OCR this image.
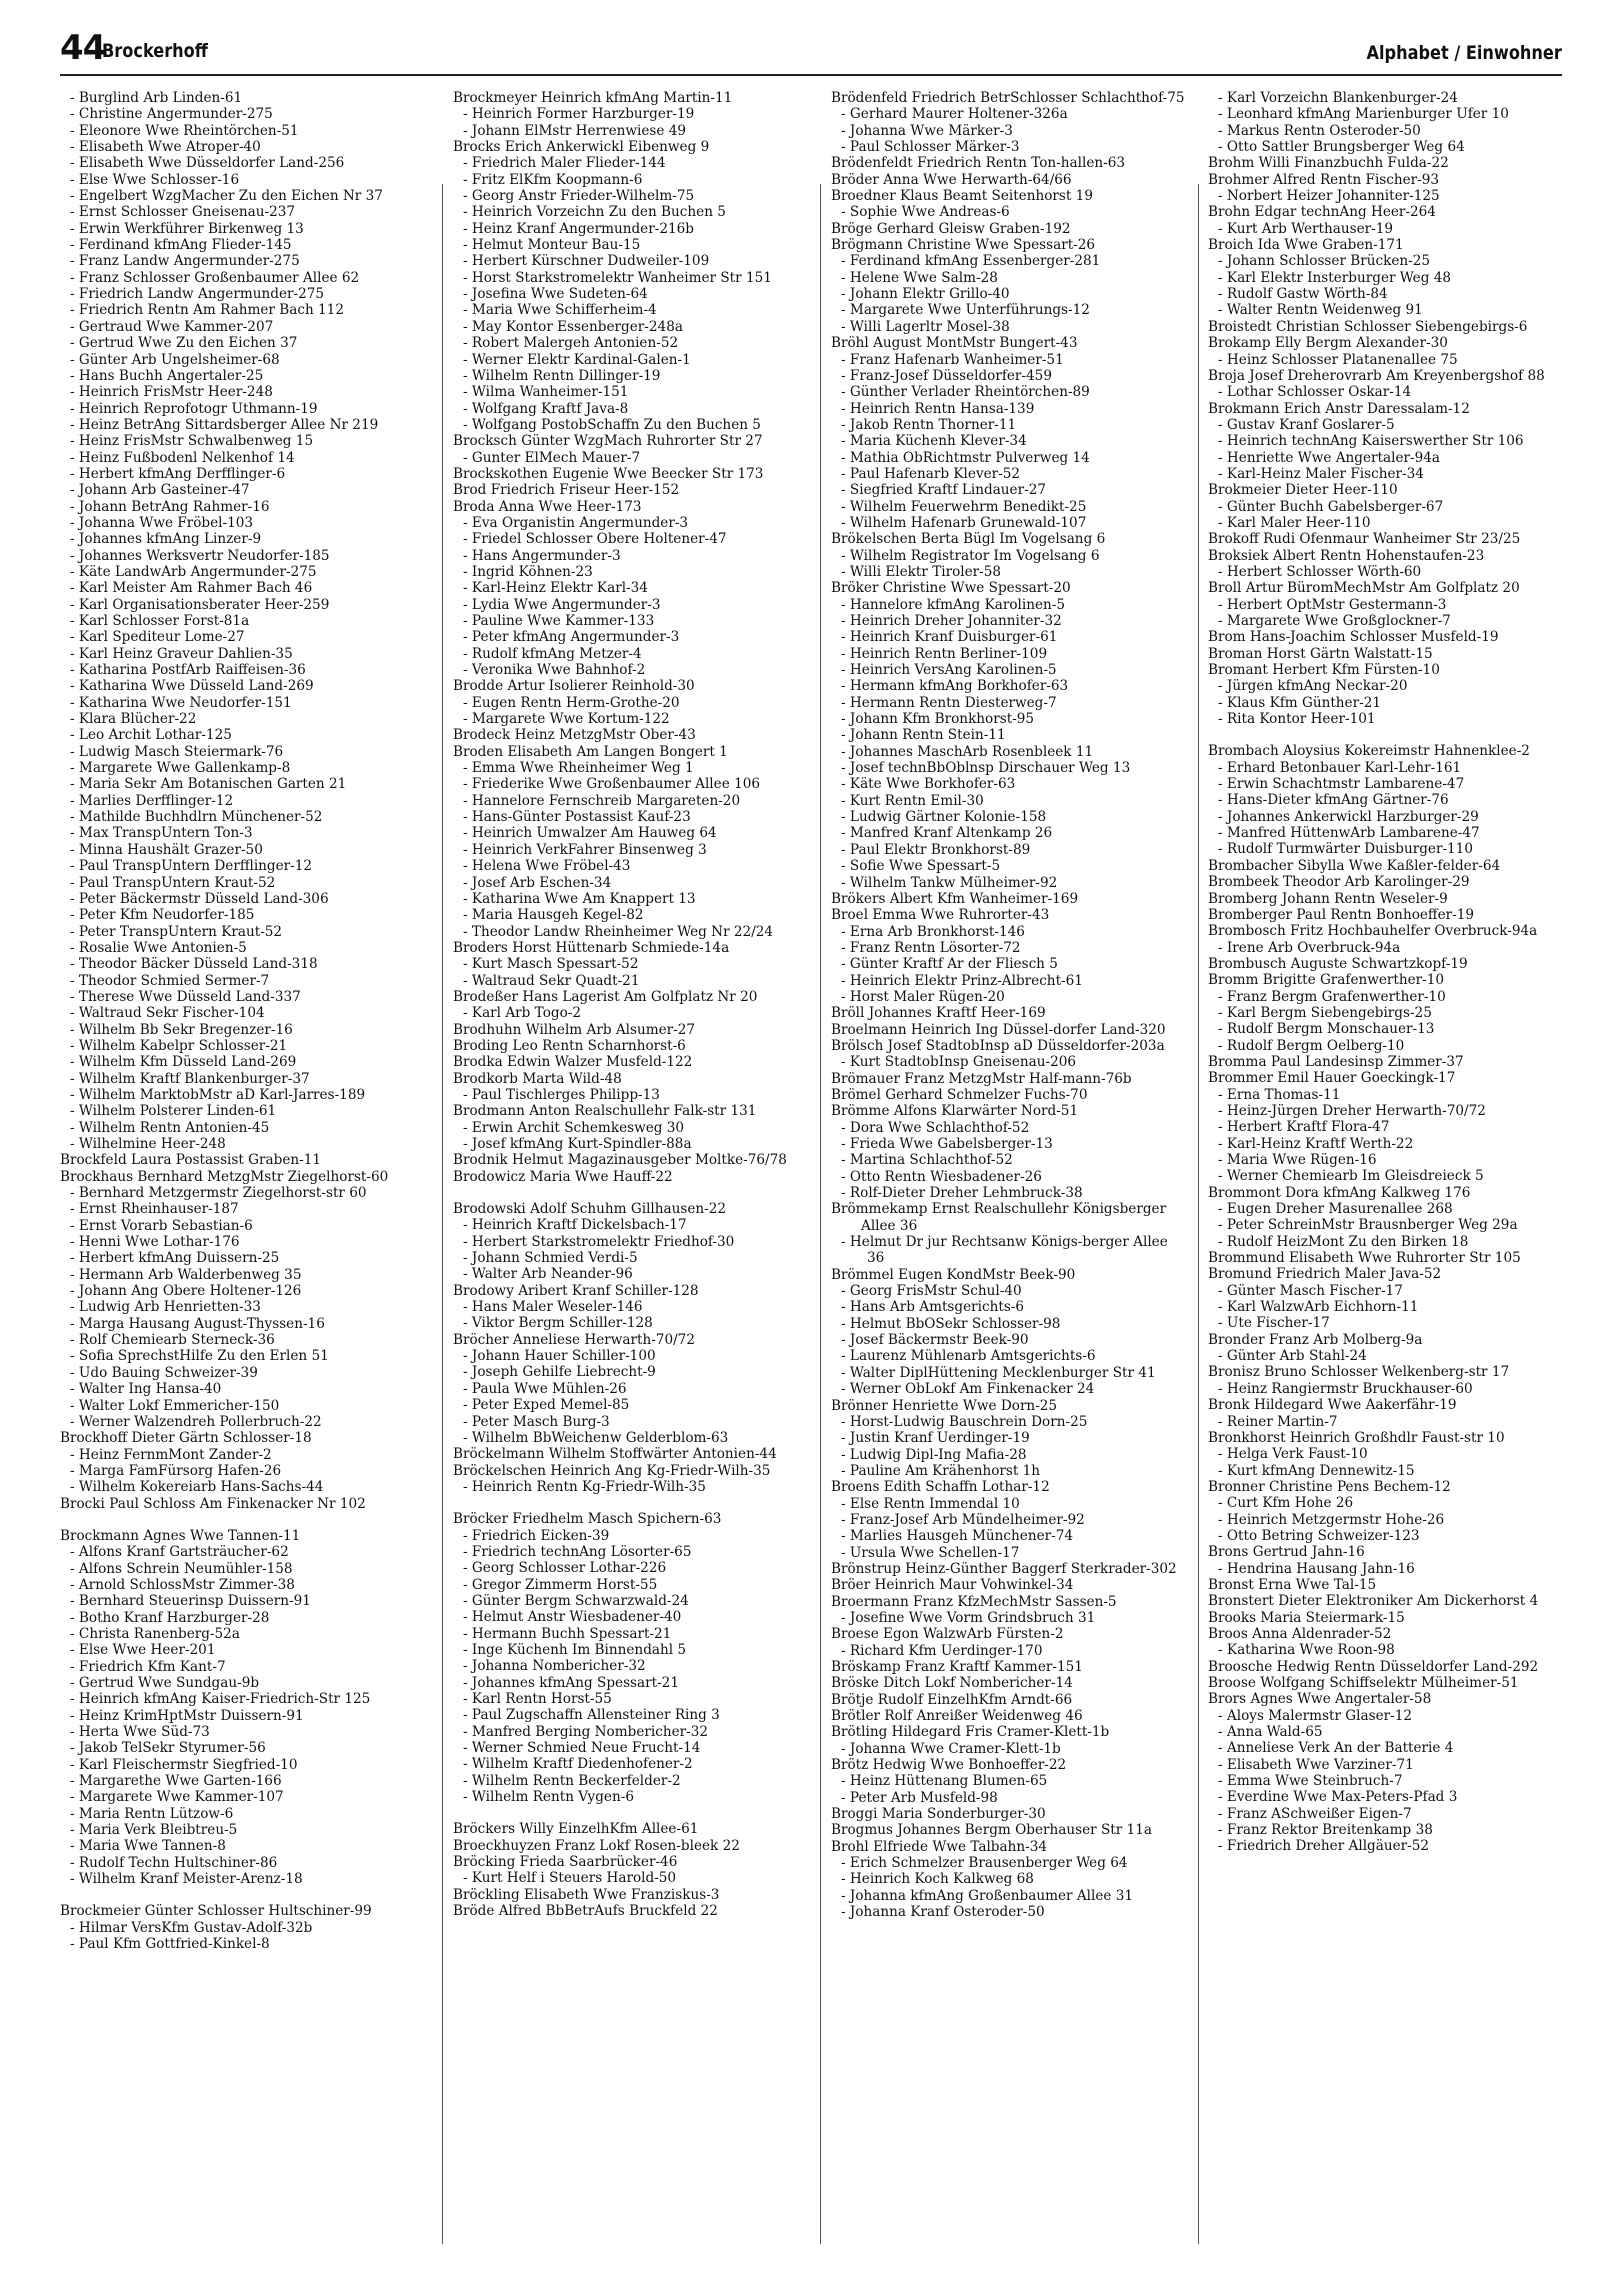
44
Brockerhoff	Alphabet / Einwohner
- Burglind Arb Linden-61
- Christine Angermunder-275
- Eleonore Wwe Rheintörchen-51
- Elisabeth Wwe Atroper-40
- Elisabeth Wwe Düsseldorfer Land-256
- Else Wwe Schlosser-16
- Engelbert WzgMacher Zu den Eichen Nr 37
- Ernst Schlosser Gneisenau-237
- Erwin Werkführer Birkenweg 13
- Ferdinand kfmAng Flieder-145
- Franz Landw Angermunder-275
- Franz Schlosser Großenbaumer Allee 62
- Friedrich Landw Angermunder-275
- Friedrich Rentn Am Rahmer Bach 112
- Gertraud Wwe Kammer-207
- Gertrud Wwe Zu den Eichen 37
- Günter Arb Ungelsheimer-68
- Hans Buchh Angertaler-25
- Heinrich FrisMstr Heer-248
- Heinrich Reprofotogr Uthmann-19
- Heinz BetrAng Sittardsberger Allee Nr 219
- Heinz FrisMstr Schwalbenweg 15
- Heinz Fußbodenl Nelkenhof 14
- Herbert kfmAng Derfflinger-6
- Johann Arb Gasteiner-47
- Johann BetrAng Rahmer-16
- Johanna Wwe Fröbel-103
- Johannes kfmAng Linzer-9
- Johannes Werksvertr Neudorfer-185
- Käte LandwArb Angermunder-275
- Karl Meister Am Rahmer Bach 46
- Karl Organisationsberater Heer-259
- Karl Schlosser Forst-81a
- Karl Spediteur Lome-27
- Karl Heinz Graveur Dahlien-35
- Katharina PostfArb Raiffeisen-36
- Katharina Wwe Düsseld Land-269
- Katharina Wwe Neudorfer-151
- Klara Blücher-22
- Leo Archit Lothar-125
- Ludwig Masch Steiermark-76
- Margarete Wwe Gallenkamp-8
- Maria Sekr Am Botanischen Garten 21
- Marlies Derfflinger-12
- Mathilde Buchhdlrn Münchener-52
- Max TranspUntern Ton-3
- Minna Haushält Grazer-50
- Paul TranspUntern Derfflinger-12
- Paul TranspUntern Kraut-52
- Peter Bäckermstr Düsseld Land-306
- Peter Kfm Neudorfer-185
- Peter TranspUntern Kraut-52
- Rosalie Wwe Antonien-5
- Theodor Bäcker Düsseld Land-318
- Theodor Schmied Sermer-7
- Therese Wwe Düsseld Land-337
- Waltraud Sekr Fischer-104
- Wilhelm Bb Sekr Bregenzer-16
- Wilhelm Kabelpr Schlosser-21
- Wilhelm Kfm Düsseld Land-269
- Wilhelm Kraftf Blankenburger-37
- Wilhelm MarktobMstr aD Karl-Jarres-189
- Wilhelm Polsterer Linden-61
- Wilhelm Rentn Antonien-45
- Wilhelmine Heer-248
Brockfeld Laura Postassist Graben-11
Brockhaus Bernhard MetzgMstr Ziegelhorst-60
- Bernhard Metzgermstr Ziegelhorst-str 60
- Ernst Rheinhauser-187
- Ernst Vorarb Sebastian-6
- Henni Wwe Lothar-176
- Herbert kfmAng Duissern-25
- Hermann Arb Walderbenweg 35
- Johann Ang Obere Holtener-126
- Ludwig Arb Henrietten-33
- Marga Hausang August-Thyssen-16
- Rolf Chemiearb Sterneck-36
- Sofia SprechstHilfe Zu den Erlen 51
- Udo Bauing Schweizer-39
- Walter Ing Hansa-40
- Walter Lokf Emmericher-150
- Werner Walzendreh Pollerbruch-22
Brockhoff Dieter Gärtn Schlosser-18
- Heinz FernmMont Zander-2
- Marga FamFürsorg Hafen-26
- Wilhelm Kokereiarb Hans-Sachs-44
Brocki Paul Schloss Am Finkenacker Nr 102
Brockmann Agnes Wwe Tannen-11
- Alfons Kranf Gartsträucher-62
- Alfons Schrein Neumühler-158
- Arnold SchlossMstr Zimmer-38
- Bernhard Steuerinsp Duissern-91
- Botho Kranf Harzburger-28
- Christa Ranenberg-52a
- Else Wwe Heer-201
- Friedrich Kfm Kant-7
- Gertrud Wwe Sundgau-9b
- Heinrich kfmAng Kaiser-Friedrich-Str 125
- Heinz KrimHptMstr Duissern-91
- Herta Wwe Süd-73
- Jakob TelSekr Styrumer-56
- Karl Fleischermstr Siegfried-10
- Margarethe Wwe Garten-166
- Margarete Wwe Kammer-107
- Maria Rentn Lützow-6
- Maria Verk Bleibtreu-5
- Maria Wwe Tannen-8
- Rudolf Techn Hultschiner-86
- Wilhelm Kranf Meister-Arenz-18
Brockmeier Günter Schlosser Hultschiner-99
- Hilmar VersKfm Gustav-Adolf-32b
- Paul Kfm Gottfried-Kinkel-8
Brockmeyer Heinrich kfmAng Martin-11
- Heinrich Former Harzburger-19
- Johann ElMstr Herrenwiese 49
Brocks Erich Ankerwickl Eibenweg 9
- Friedrich Maler Flieder-144
- Fritz ElKfm Koopmann-6
- Georg Anstr Frieder-Wilhelm-75
- Heinrich Vorzeichn Zu den Buchen 5
- Heinz Kranf Angermunder-216b
- Helmut Monteur Bau-15
- Herbert Kürschner Dudweiler-109
- Horst Starkstromelektr Wanheimer Str 151
- Josefina Wwe Sudeten-64
- Maria Wwe Schifferheim-4
- May Kontor Essenberger-248a
- Robert Malergeh Antonien-52
- Werner Elektr Kardinal-Galen-1
- Wilhelm Rentn Dillinger-19
- Wilma Wanheimer-151
- Wolfgang Kraftf Java-8
- Wolfgang PostobSchaffn Zu den Buchen 5
Brocksch Günter WzgMach Ruhrorter Str 27
- Gunter ElMech Mauer-7
Brockskothen Eugenie Wwe Beecker Str 173
Brod Friedrich Friseur Heer-152
Broda Anna Wwe Heer-173
- Eva Organistin Angermunder-3
- Friedel Schlosser Obere Holtener-47
- Hans Angermunder-3
- Ingrid Köhnen-23
- Karl-Heinz Elektr Karl-34
- Lydia Wwe Angermunder-3
- Pauline Wwe Kammer-133
- Peter kfmAng Angermunder-3
- Rudolf kfmAng Metzer-4
- Veronika Wwe Bahnhof-2
Brodde Artur Isolierer Reinhold-30
- Eugen Rentn Herm-Grothe-20
- Margarete Wwe Kortum-122
Brodeck Heinz MetzgMstr Ober-43
Broden Elisabeth Am Langen Bongert 1
- Emma Wwe Rheinheimer Weg 1
- Friederike Wwe Großenbaumer Allee 106
- Hannelore Fernschreib Margareten-20
- Hans-Günter Postassist Kauf-23
- Heinrich Umwalzer Am Hauweg 64
- Heinrich VerkFahrer Binsenweg 3
- Helena Wwe Fröbel-43
- Josef Arb Eschen-34
- Katharina Wwe Am Knappert 13
- Maria Hausgeh Kegel-82
- Theodor Landw Rheinheimer Weg Nr 22/24
Broders Horst Hüttenarb Schmiede-14a
- Kurt Masch Spessart-52
- Waltraud Sekr Quadt-21
Brodeßer Hans Lagerist Am Golfplatz Nr 20
- Karl Arb Togo-2
Brodhuhn Wilhelm Arb Alsumer-27
Broding Leo Rentn Scharnhorst-6
Brodka Edwin Walzer Musfeld-122
Brodkorb Marta Wild-48
- Paul Tischlerges Philipp-13
Brodmann Anton Realschullehr Falk-str 131
- Erwin Archit Schemkesweg 30
- Josef kfmAng Kurt-Spindler-88a
Brodnik Helmut Magazinausgeber Moltke-76/78
Brodowicz Maria Wwe Hauff-22
Brodowski Adolf Schuhm Gillhausen-22
- Heinrich Kraftf Dickelsbach-17
- Herbert Starkstromelektr Friedhof-30
- Johann Schmied Verdi-5
- Walter Arb Neander-96
Brodowy Aribert Kranf Schiller-128
- Hans Maler Weseler-146
- Viktor Bergm Schiller-128
Bröcher Anneliese Herwarth-70/72
- Johann Hauer Schiller-100
- Joseph Gehilfe Liebrecht-9
- Paula Wwe Mühlen-26
- Peter Exped Memel-85
- Peter Masch Burg-3
- Wilhelm BbWeichenw Gelderblom-63
Bröckelmann Wilhelm Stoffwärter Antonien-44
Bröckelschen Heinrich Ang Kg-Friedr-Wilh-35
- Heinrich Rentn Kg-Friedr-Wilh-35
Bröcker Friedhelm Masch Spichern-63
- Friedrich Eicken-39
- Friedrich technAng Lösorter-65
- Georg Schlosser Lothar-226
- Gregor Zimmerm Horst-55
- Günter Bergm Schwarzwald-24
- Helmut Anstr Wiesbadener-40
- Hermann Buchh Spessart-21
- Inge Küchenh Im Binnendahl 5
- Johanna Nombericher-32
- Johannes kfmAng Spessart-21
- Karl Rentn Horst-55
- Paul Zugschaffn Allensteiner Ring 3
- Manfred Berging Nombericher-32
- Werner Schmied Neue Frucht-14
- Wilhelm Kraftf Diedenhofener-2
- Wilhelm Rentn Beckerfelder-2
- Wilhelm Rentn Vygen-6
Bröckers Willy EinzelhKfm Allee-61
Broeckhuyzen Franz Lokf Rosen-bleek 22
Bröcking Frieda Saarbrücker-46
- Kurt Helf i Steuers Harold-50
Bröckling Elisabeth Wwe Franziskus-3
Bröde Alfred BbBetrAufs Bruckfeld 22
Brödenfeld Friedrich BetrSchlosser Schlachthof-75
- Gerhard Maurer Holtener-326a
- Johanna Wwe Märker-3
- Paul Schlosser Märker-3
Brödenfeldt Friedrich Rentn Ton-hallen-63
Bröder Anna Wwe Herwarth-64/66
Broedner Klaus Beamt Seitenhorst 19
- Sophie Wwe Andreas-6
Bröge Gerhard Gleisw Graben-192
Brögmann Christine Wwe Spessart-26
- Ferdinand kfmAng Essenberger-281
- Helene Wwe Salm-28
- Johann Elektr Grillo-40
- Margarete Wwe Unterführungs-12
- Willi Lagerltr Mosel-38
Bröhl August MontMstr Bungert-43
- Franz Hafenarb Wanheimer-51
- Franz-Josef Düsseldorfer-459
- Günther Verlader Rheintörchen-89
- Heinrich Rentn Hansa-139
- Jakob Rentn Thorner-11
- Maria Küchenh Klever-34
- Mathia ObRichtmstr Pulverweg 14
- Paul Hafenarb Klever-52
- Siegfried Kraftf Lindauer-27
- Wilhelm Feuerwehrm Benedikt-25
- Wilhelm Hafenarb Grunewald-107
Brökelschen Berta Bügl Im Vogelsang 6
- Wilhelm Registrator Im Vogelsang 6
- Willi Elektr Tiroler-58
Bröker Christine Wwe Spessart-20
- Hannelore kfmAng Karolinen-5
- Heinrich Dreher Johanniter-32
- Heinrich Kranf Duisburger-61
- Heinrich Rentn Berliner-109
- Heinrich VersAng Karolinen-5
- Hermann kfmAng Borkhofer-63
- Hermann Rentn Diesterweg-7
- Johann Kfm Bronkhorst-95
- Johann Rentn Stein-11
- Johannes MaschArb Rosenbleek 11
- Josef technBbOblnsp Dirschauer Weg 13
- Käte Wwe Borkhofer-63
- Kurt Rentn Emil-30
- Ludwig Gärtner Kolonie-158
- Manfred Kranf Altenkamp 26
- Paul Elektr Bronkhorst-89
- Sofie Wwe Spessart-5
- Wilhelm Tankw Mülheimer-92
Brökers Albert Kfm Wanheimer-169
Broel Emma Wwe Ruhrorter-43
- Erna Arb Bronkhorst-146
- Franz Rentn Lösorter-72
- Günter Kraftf Ar der Fliesch 5
- Heinrich Elektr Prinz-Albrecht-61
- Horst Maler Rügen-20
Bröll Johannes Kraftf Heer-169
Broelmann Heinrich Ing Düssel-dorfer Land-320
Brölsch Josef StadtobInsp aD Düsseldorfer-203a
- Kurt StadtobInsp Gneisenau-206
Brömauer Franz MetzgMstr Half-mann-76b
Brömel Gerhard Schmelzer Fuchs-70
Brömme Alfons Klarwärter Nord-51
- Dora Wwe Schlachthof-52
- Frieda Wwe Gabelsberger-13
- Martina Schlachthof-52
- Otto Rentn Wiesbadener-26
- Rolf-Dieter Dreher Lehmbruck-38
Brömmekamp Ernst Realschullehr Königsberger Allee 36
- Helmut Dr jur Rechtsanw Königs-berger Allee 36
Brömmel Eugen KondMstr Beek-90
- Georg FrisMstr Schul-40
- Hans Arb Amtsgerichts-6
- Helmut BbOSekr Schlosser-98
- Josef Bäckermstr Beek-90
- Laurenz Mühlenarb Amtsgerichts-6
- Walter DiplHüttening Mecklenburger Str 41
- Werner ObLokf Am Finkenacker 24
Brönner Henriette Wwe Dorn-25
- Horst-Ludwig Bauschrein Dorn-25
- Justin Kranf Uerdinger-19
- Ludwig Dipl-Ing Mafia-28
- Pauline Am Krähenhorst 1h
Broens Edith Schaffn Lothar-12
- Else Rentn Immendal 10
- Franz-Josef Arb Mündelheimer-92
- Marlies Hausgeh Münchener-74
- Ursula Wwe Schellen-17
Brönstrup Heinz-Günther Baggerf Sterkrader-302
Bröer Heinrich Maur Vohwinkel-34
Broermann Franz KfzMechMstr Sassen-5
- Josefine Wwe Vorm Grindsbruch 31
Broese Egon WalzwArb Fürsten-2
- Richard Kfm Uerdinger-170
Bröskamp Franz Kraftf Kammer-151
Bröske Ditch Lokf Nombericher-14
Brötje Rudolf EinzelhKfm Arndt-66
Brötler Rolf Anreißer Weidenweg 46
Brötling Hildegard Fris Cramer-Klett-1b
- Johanna Wwe Cramer-Klett-1b
Brötz Hedwig Wwe Bonhoeffer-22
- Heinz Hüttenang Blumen-65
- Peter Arb Musfeld-98
Broggi Maria Sonderburger-30
Brogmus Johannes Bergm Oberhauser Str 11a
Brohl Elfriede Wwe Talbahn-34
- Erich Schmelzer Brausenberger Weg 64
- Heinrich Koch Kalkweg 68
- Johanna kfmAng Großenbaumer Allee 31
- Johanna Kranf Osteroder-50
- Karl Vorzeichn Blankenburger-24
- Leonhard kfmAng Marienburger Ufer 10
- Markus Rentn Osteroder-50
- Otto Sattler Brungsberger Weg 64
Brohm Willi Finanzbuchh Fulda-22
Brohmer Alfred Rentn Fischer-93
- Norbert Heizer Johanniter-125
Brohn Edgar technAng Heer-264
- Kurt Arb Werthauser-19
Broich Ida Wwe Graben-171
- Johann Schlosser Brücken-25
- Karl Elektr Insterburger Weg 48
- Rudolf Gastw Wörth-84
- Walter Rentn Weidenweg 91
Broistedt Christian Schlosser Siebengebirgs-6
Brokamp Elly Bergm Alexander-30
- Heinz Schlosser Platanenallee 75
Broja Josef Dreherovrarb Am Kreyenbergshof 88
- Lothar Schlosser Oskar-14
Brokmann Erich Anstr Daressalam-12
- Gustav Kranf Goslarer-5
- Heinrich technAng Kaiserswerther Str 106
- Henriette Wwe Angertaler-94a
- Karl-Heinz Maler Fischer-34
Brokmeier Dieter Heer-110
- Günter Buchh Gabelsberger-67
- Karl Maler Heer-110
Brokoff Rudi Ofenmaur Wanheimer Str 23/25
Broksiek Albert Rentn Hohenstaufen-23
- Herbert Schlosser Wörth-60
Broll Artur BüromMechMstr Am Golfplatz 20
- Herbert OptMstr Gestermann-3
- Margarete Wwe Großglockner-7
Brom Hans-Joachim Schlosser Musfeld-19
Broman Horst Gärtn Walstatt-15
Bromant Herbert Kfm Fürsten-10
- Jürgen kfmAng Neckar-20
- Klaus Kfm Günther-21
- Rita Kontor Heer-101
Brombach Aloysius Kokereimstr Hahnenklee-2
- Erhard Betonbauer Karl-Lehr-161
- Erwin Schachtmstr Lambarene-47
- Hans-Dieter kfmAng Gärtner-76
- Johannes Ankerwickl Harzburger-29
- Manfred HüttenwArb Lambarene-47
- Rudolf Turmwärter Duisburger-110
Brombacher Sibylla Wwe Kaßler-felder-64
Brombeek Theodor Arb Karolinger-29
Bromberg Johann Rentn Weseler-9
Bromberger Paul Rentn Bonhoeffer-19
Brombosch Fritz Hochbauhelfer Overbruck-94a
- Irene Arb Overbruck-94a
Brombusch Auguste Schwartzkopf-19
Bromm Brigitte Grafenwerther-10
- Franz Bergm Grafenwerther-10
- Karl Bergm Siebengebirgs-25
- Rudolf Bergm Monschauer-13
- Rudolf Bergm Oelberg-10
Bromma Paul Landesinsp Zimmer-37
Brommer Emil Hauer Goeckingk-17
- Erna Thomas-11
- Heinz-Jürgen Dreher Herwarth-70/72
- Herbert Kraftf Flora-47
- Karl-Heinz Kraftf Werth-22
- Maria Wwe Rügen-16
- Werner Chemiearb Im Gleisdreieck 5
Brommont Dora kfmAng Kalkweg 176
- Eugen Dreher Masurenallee 268
- Peter SchreinMstr Brausnberger Weg 29a
- Rudolf HeizMont Zu den Birken 18
Brommund Elisabeth Wwe Ruhrorter Str 105
Bromund Friedrich Maler Java-52
- Günter Masch Fischer-17
- Karl WalzwArb Eichhorn-11
- Ute Fischer-17
Bronder Franz Arb Molberg-9a
- Günter Arb Stahl-24
Bronisz Bruno Schlosser Welkenberg-str 17
- Heinz Rangiermstr Bruckhauser-60
Bronk Hildegard Wwe Aakerfähr-19
- Reiner Martin-7
Bronkhorst Heinrich Großhdlr Faust-str 10
- Helga Verk Faust-10
- Kurt kfmAng Dennewitz-15
Bronner Christine Pens Bechem-12
- Curt Kfm Hohe 26
- Heinrich Metzgermstr Hohe-26
- Otto Betring Schweizer-123
Brons Gertrud Jahn-16
- Hendrina Hausang Jahn-16
Bronst Erna Wwe Tal-15
Bronstert Dieter Elektroniker Am Dickerhorst 4
Brooks Maria Steiermark-15
Broos Anna Aldenrader-52
- Katharina Wwe Roon-98
Broosche Hedwig Rentn Düsseldorfer Land-292
Broose Wolfgang Schiffselektr Mülheimer-51
Brors Agnes Wwe Angertaler-58
- Aloys Malermstr Glaser-12
- Anna Wald-65
- Anneliese Verk An der Batterie 4
- Elisabeth Wwe Varziner-71
- Emma Wwe Steinbruch-7
- Everdine Wwe Max-Peters-Pfad 3
- Franz ASchweißer Eigen-7
- Franz Rektor Breitenkamp 38
- Friedrich Dreher Allgäuer-52
